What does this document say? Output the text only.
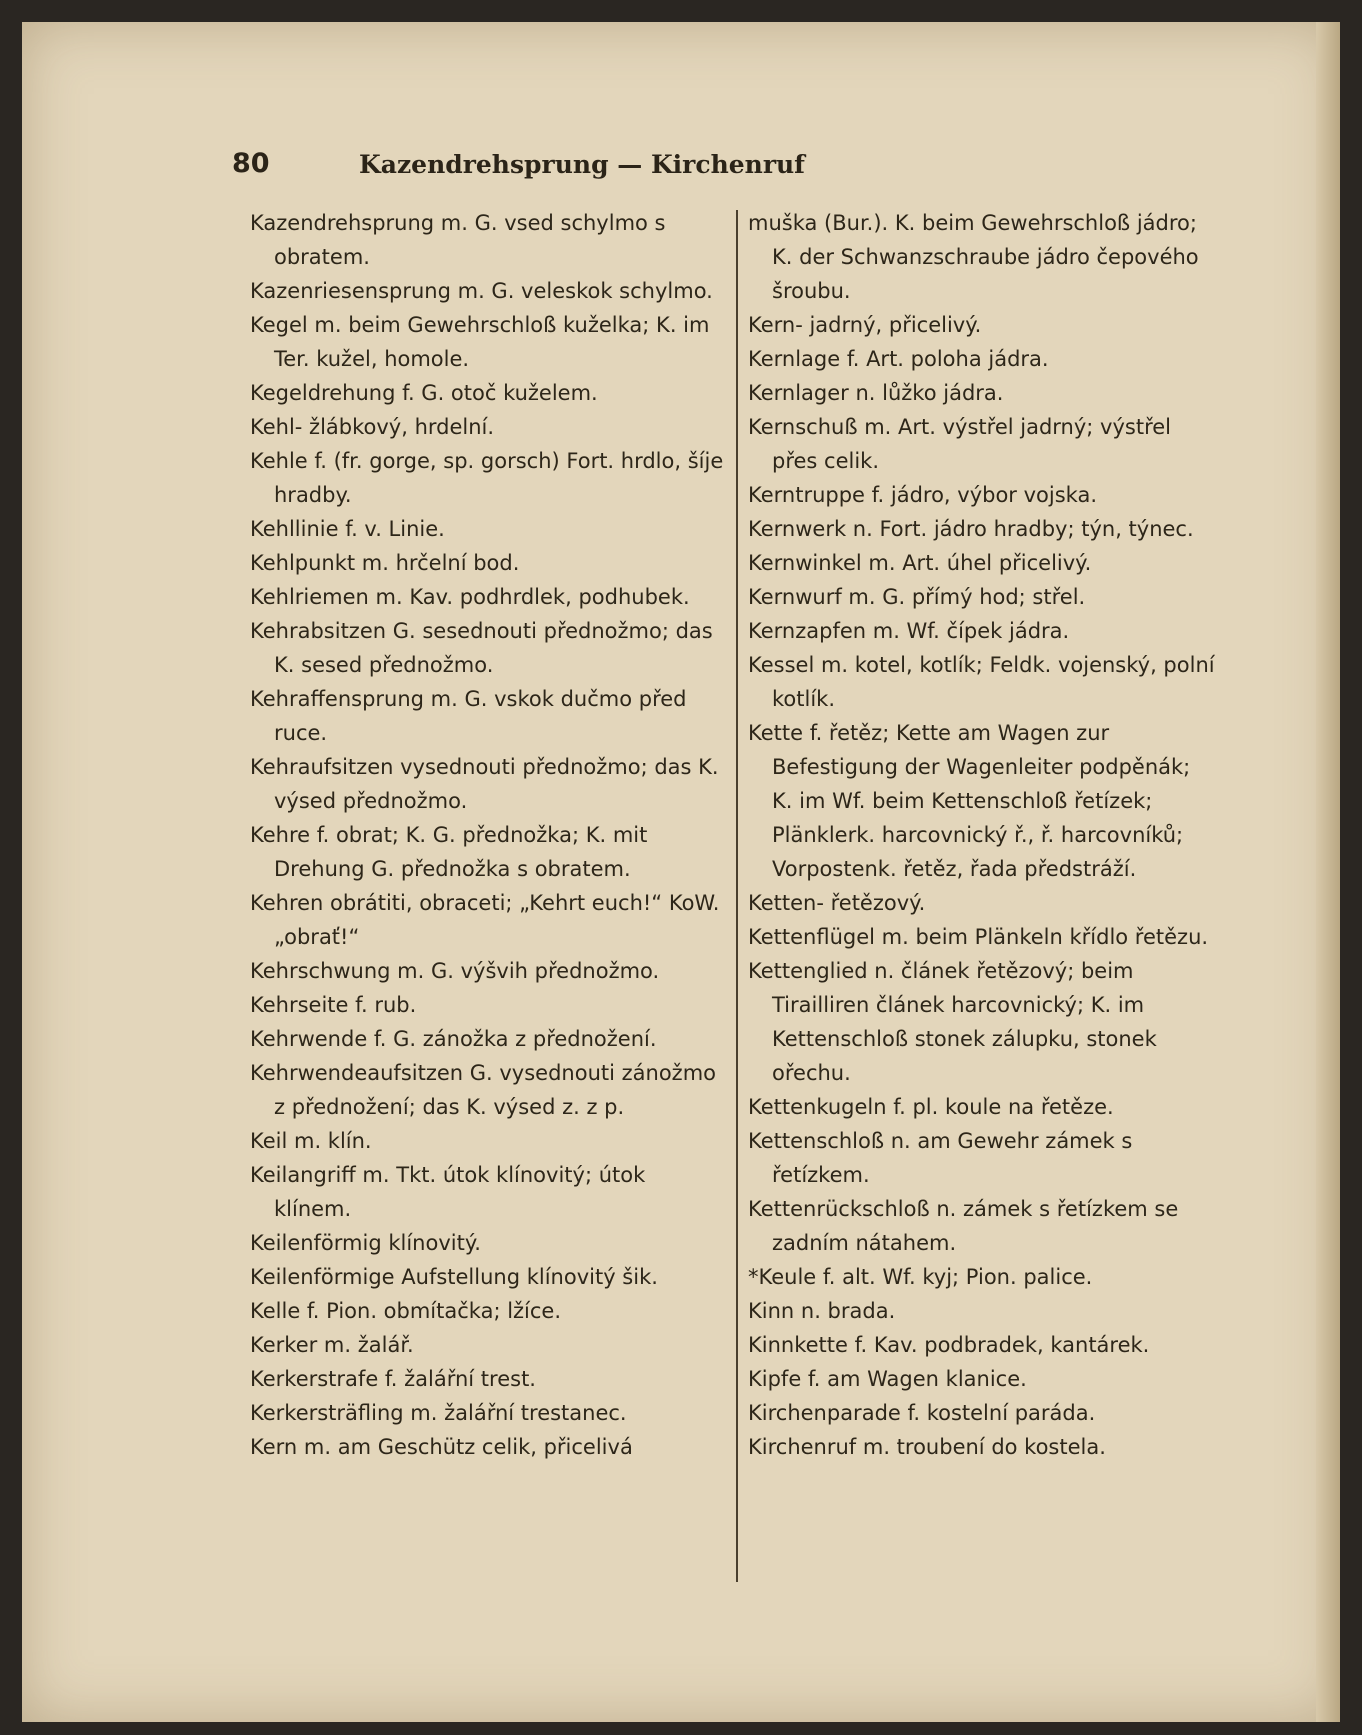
80	Kazendrehsprung — Kirchenruf
Kazendrehsprung m. G. vsed schylmo s obratem.
Kazenriesensprung m. G. veleskok schylmo.
Kegel m. beim Gewehrschloß kuželka; K. im Ter. kužel, homole.
Kegeldrehung f. G. otoč kuželem.
Kehl- žlábkový, hrdelní.
Kehle f. (fr. gorge, sp. gorsch) Fort. hrdlo, šíje hradby.
Kehllinie f. v. Linie.
Kehlpunkt m. hrčelní bod.
Kehlriemen m. Kav. podhrdlek, podhubek.
Kehrabsitzen G. sesednouti přednožmo; das K. sesed přednožmo.
Kehraffensprung m. G. vskok dučmo před ruce.
Kehraufsitzen vysednouti přednožmo; das K. výsed přednožmo.
Kehre f. obrat; K. G. přednožka; K. mit Drehung G. přednožka s obratem.
Kehren obrátiti, obraceti; „Kehrt euch!“ KoW. „obrať!“
Kehrschwung m. G. výšvih přednožmo.
Kehrseite f. rub.
Kehrwende f. G. zánožka z přednožení.
Kehrwendeaufsitzen G. vysednouti zánožmo z přednožení; das K. výsed z. z p.
Keil m. klín.
Keilangriff m. Tkt. útok klínovitý; útok klínem.
Keilenförmig klínovitý.
Keilenförmige Aufstellung klínovitý šik.
Kelle f. Pion. obmítačka; lžíce.
Kerker m. žalář.
Kerkerstrafe f. žalářní trest.
Kerkersträfling m. žalářní trestanec.
Kern m. am Geschütz celik, přicelivá
muška (Bur.). K. beim Gewehrschloß jádro; K. der Schwanzschraube jádro čepového šroubu.
Kern- jadrný, přicelivý.
Kernlage f. Art. poloha jádra.
Kernlager n. lůžko jádra.
Kernschuß m. Art. výstřel jadrný; výstřel přes celik.
Kerntruppe f. jádro, výbor vojska.
Kernwerk n. Fort. jádro hradby; týn, týnec.
Kernwinkel m. Art. úhel přicelivý.
Kernwurf m. G. přímý hod; střel.
Kernzapfen m. Wf. čípek jádra.
Kessel m. kotel, kotlík; Feldk. vojenský, polní kotlík.
Kette f. řetěz; Kette am Wagen zur Befestigung der Wagenleiter podpěnák; K. im Wf. beim Kettenschloß řetízek; Plänklerk. harcovnický ř., ř. harcovníků; Vorpostenk. řetěz, řada předstráží.
Ketten- řetězový.
Kettenflügel m. beim Plänkeln křídlo řetězu.
Kettenglied n. článek řetězový; beim Tirailliren článek harcovnický; K. im Kettenschloß stonek zálupku, stonek ořechu.
Kettenkugeln f. pl. koule na řetěze.
Kettenschloß n. am Gewehr zámek s řetízkem.
Kettenrückschloß n. zámek s řetízkem se zadním nátahem.
*Keule f. alt. Wf. kyj; Pion. palice.
Kinn n. brada.
Kinnkette f. Kav. podbradek, kantárek.
Kipfe f. am Wagen klanice.
Kirchenparade f. kostelní paráda.
Kirchenruf m. troubení do kostela.
